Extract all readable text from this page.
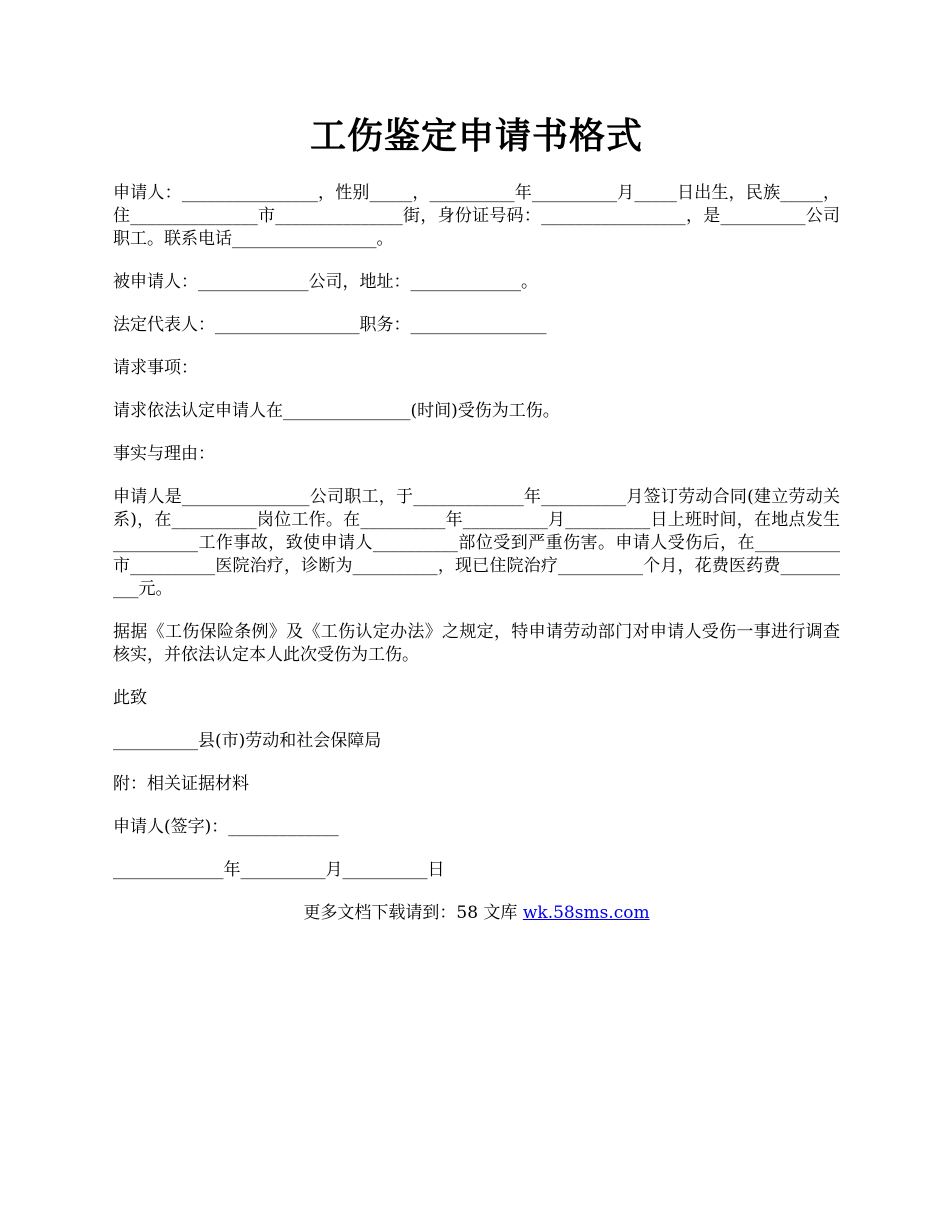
工伤鉴定申请书格式

申请人：________________，性别_____，__________年__________月_____日出生，民族_____，住_______________市_______________街，身份证号码：_________________，是__________公司职工。联系电话_________________。

被申请人：_____________公司，地址：_____________。

法定代表人：_________________职务：________________

请求事项：

请求依法认定申请人在_______________(时间)受伤为工伤。

事实与理由：

申请人是_______________公司职工，于_____________年__________月签订劳动合同(建立劳动关系)，在__________岗位工作。在__________年__________月__________日上班时间，在地点发生__________工作事故，致使申请人__________部位受到严重伤害。申请人受伤后，在__________市__________医院治疗，诊断为__________，现已住院治疗__________个月，花费医药费__________元。

据据《工伤保险条例》及《工伤认定办法》之规定，特申请劳动部门对申请人受伤一事进行调查核实，并依法认定本人此次受伤为工伤。

此致

__________县(市)劳动和社会保障局

附：相关证据材料

申请人(签字)：_____________

_____________年__________月__________日

更多文档下载请到：58 文库 wk.58sms.com
